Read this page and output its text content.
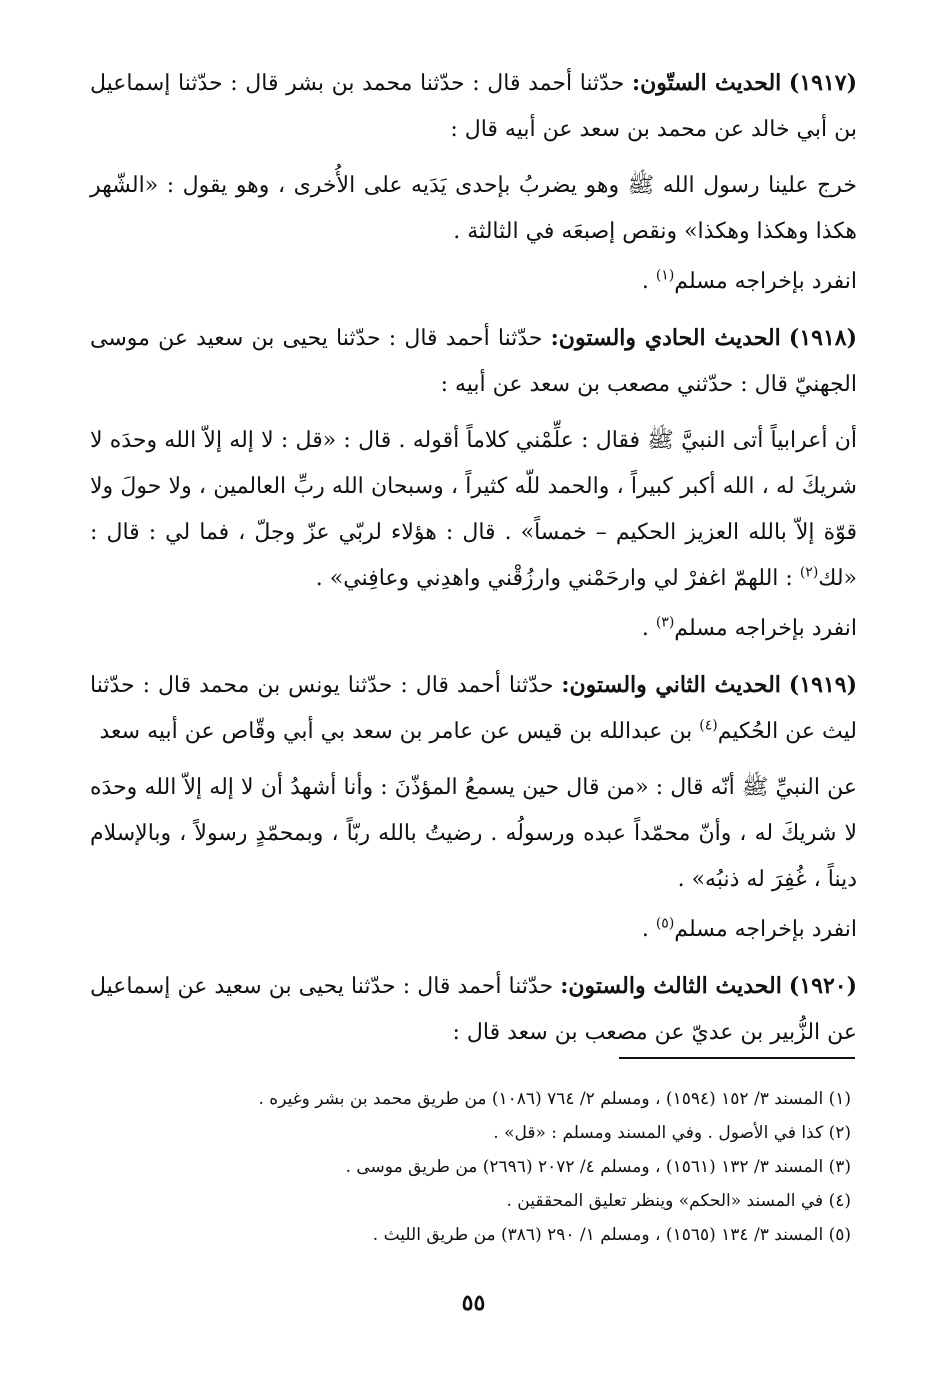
(١٩١٧) الحديث الستّون: حدّثنا أحمد قال : حدّثنا محمد بن بشر قال : حدّثنا إسماعيل بن أبي خالد عن محمد بن سعد عن أبيه قال :

خرج علينا رسول الله ﷺ وهو يضربُ بإحدى يَدَيه على الأُخرى ، وهو يقول : «الشّهر هكذا وهكذا وهكذا» ونقص إصبعَه في الثالثة .

انفرد بإخراجه مسلم$^{(١)}$ .

(١٩١٨) الحديث الحادي والستون: حدّثنا أحمد قال : حدّثنا يحيى بن سعيد عن موسى الجهنيّ قال : حدّثني مصعب بن سعد عن أبيه :

أن أعرابياً أتى النبيَّ ﷺ فقال : علِّمْني كلاماً أقوله . قال : «قل : لا إله إلاّ الله وحدَه لا شريكَ له ، الله أكبر كبيراً ، والحمد للّه كثيراً ، وسبحان الله ربِّ العالمين ، ولا حولَ ولا قوّة إلاّ بالله العزيز الحكيم – خمساً» . قال : هؤلاء لربّي عزّ وجلّ ، فما لي : قال : «لك$^{(٢)}$ : اللهمّ اغفرْ لي وارحَمْني وارزُقْني واهدِني وعافِني» .

انفرد بإخراجه مسلم$^{(٣)}$ .

(١٩١٩) الحديث الثاني والستون: حدّثنا أحمد قال : حدّثنا يونس بن محمد قال : حدّثنا ليث عن الحُكيم$^{(٤)}$ بن عبدالله بن قيس عن عامر بن سعد بي أبي وقّاص عن أبيه سعد

عن النبيِّ ﷺ أنّه قال : «من قال حين يسمعُ المؤذّنَ : وأنا أشهدُ أن لا إله إلاّ الله وحدَه لا شريكَ له ، وأنّ محمّداً عبده ورسولُه . رضيتُ بالله ربّاً ، وبمحمّدٍ رسولاً ، وبالإسلام ديناً ، غُفِرَ له ذنبُه» .

انفرد بإخراجه مسلم$^{(٥)}$ .

(١٩٢٠) الحديث الثالث والستون: حدّثنا أحمد قال : حدّثنا يحيى بن سعيد عن إسماعيل عن الزُّبير بن عديّ عن مصعب بن سعد قال :

(١) المسند ٣/ ١٥٢ (١٥٩٤) ، ومسلم ٢/ ٧٦٤ (١٠٨٦) من طريق محمد بن بشر وغيره .
(٢) كذا في الأصول . وفي المسند ومسلم : «قل» .
(٣) المسند ٣/ ١٣٢ (١٥٦١) ، ومسلم ٤/ ٢٠٧٢ (٢٦٩٦) من طريق موسى .
(٤) في المسند «الحكم» وينظر تعليق المحققين .
(٥) المسند ٣/ ١٣٤ (١٥٦٥) ، ومسلم ١/ ٢٩٠ (٣٨٦) من طريق الليث .
٥٥
